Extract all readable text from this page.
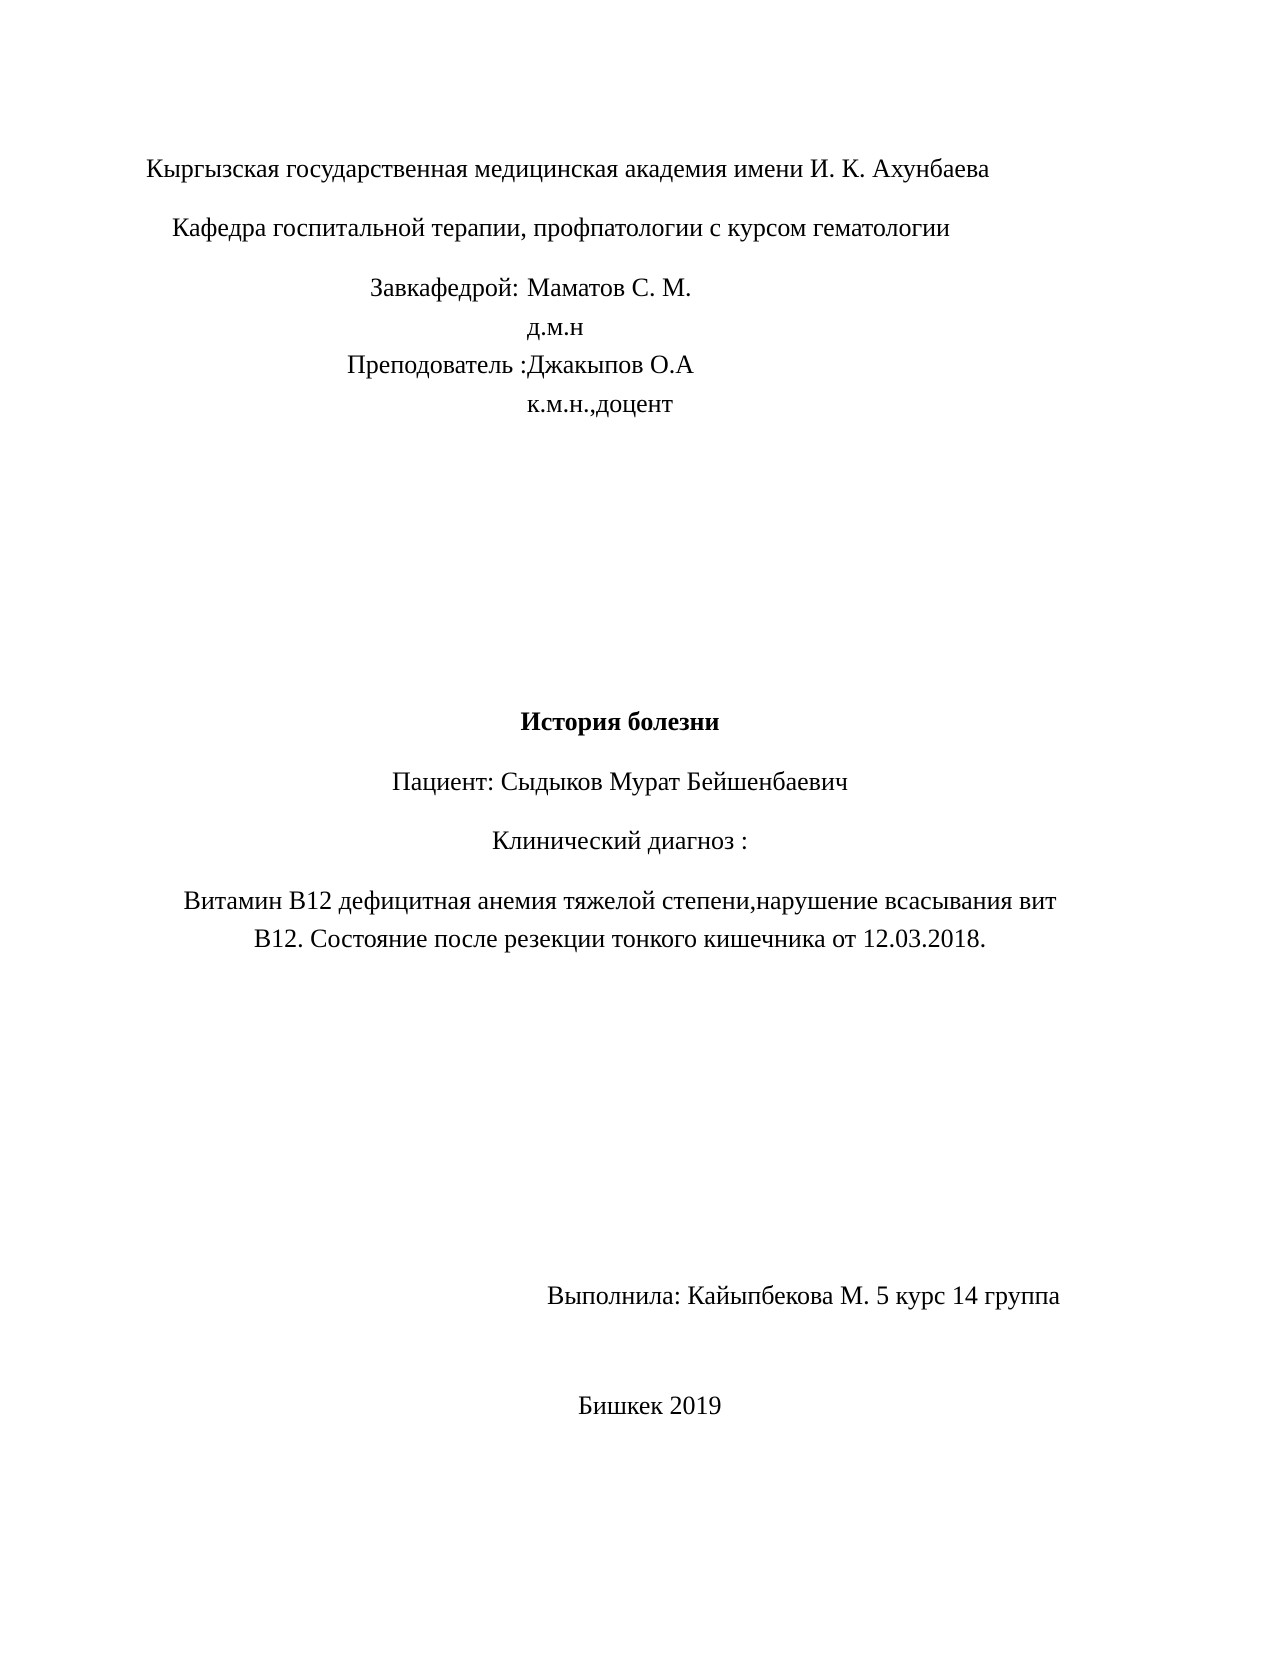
Кыргызская государственная медицинская академия имени И. К. Ахунбаева
Кафедра госпитальной терапии, профпатологии с курсом гематологии
Завкафедрой: Маматов С. М.
д.м.н
Преподователь : Джакыпов О.А
к.м.н.,доцент
История болезни
Пациент: Сыдыков Мурат Бейшенбаевич
Клинический диагноз :
Витамин В12 дефицитная анемия тяжелой степени,нарушение всасывания вит
В12. Состояние после резекции тонкого кишечника от 12.03.2018.
Выполнила: Кайыпбекова М. 5 курс 14 группа
Бишкек 2019
